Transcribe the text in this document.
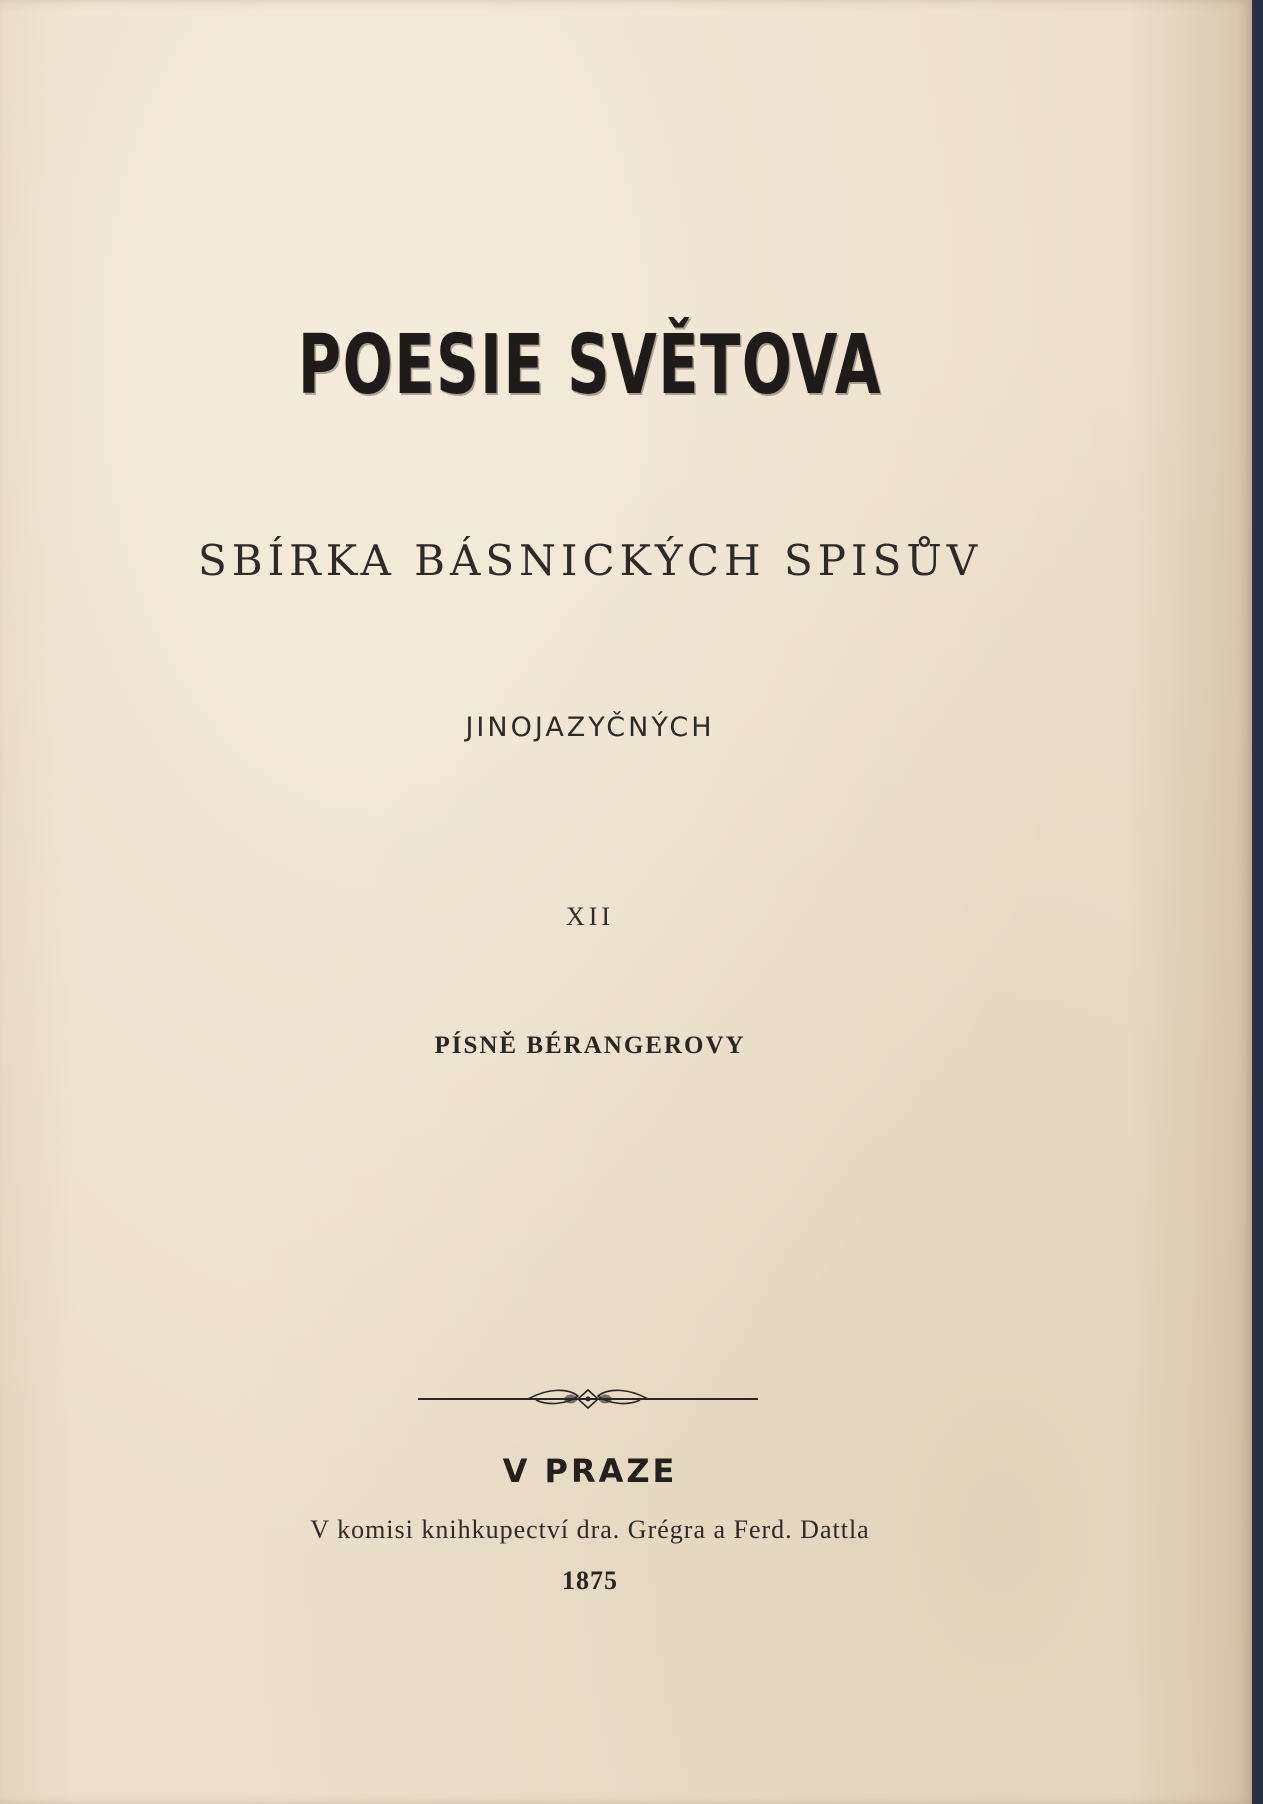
POESIE SVĚTOVA
SBÍRKA BÁSNICKÝCH SPISŮV
JINOJAZYČNÝCH
XII
PÍSNĚ BÉRANGEROVY
V PRAZE
V komisi knihkupectví dra. Grégra a Ferd. Dattla
1875
